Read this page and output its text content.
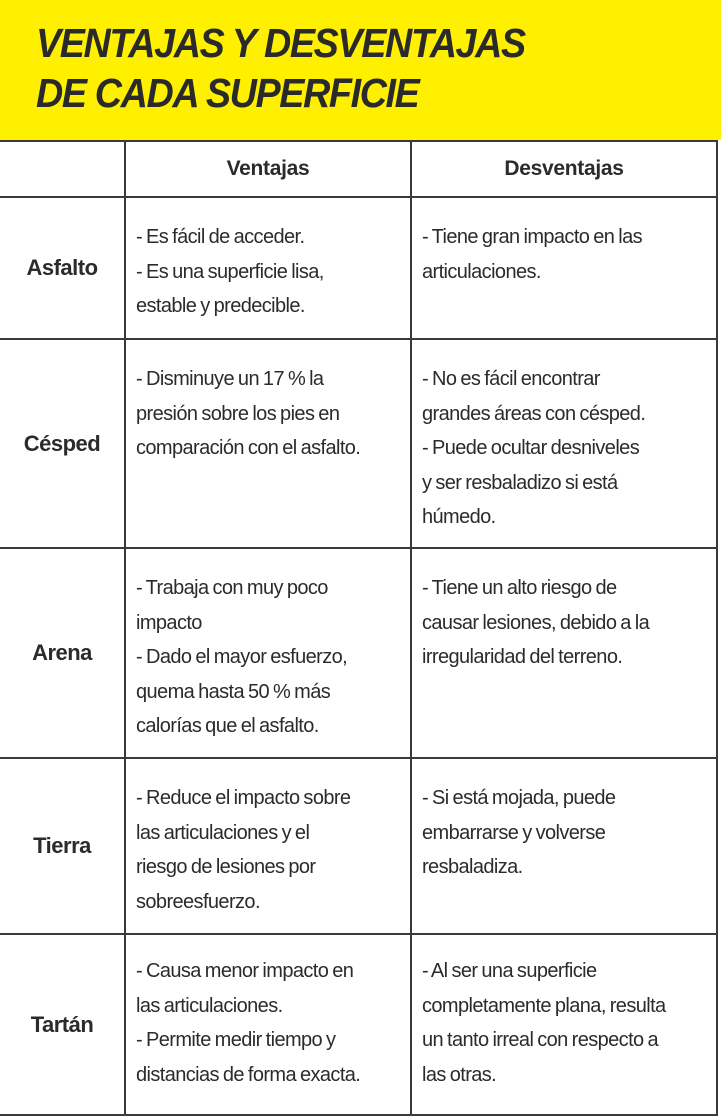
VENTAJAS Y DESVENTAJAS
DE CADA SUPERFICIE
Ventajas	Desventajas
Asfalto
- Es fácil de acceder.
- Es una superficie lisa,
estable y predecible.
- Tiene gran impacto en las
articulaciones.
Césped
- Disminuye un 17 % la
presión sobre los pies en
comparación con el asfalto.
- No es fácil encontrar
grandes áreas con césped.
- Puede ocultar desniveles
y ser resbaladizo si está
húmedo.
Arena
- Trabaja con muy poco
impacto
- Dado el mayor esfuerzo,
quema hasta 50 % más
calorías que el asfalto.
- Tiene un alto riesgo de
causar lesiones, debido a la
irregularidad del terreno.
Tierra
- Reduce el impacto sobre
las articulaciones y el
riesgo de lesiones por
sobreesfuerzo.
- Si está mojada, puede
embarrarse y volverse
resbaladiza.
Tartán
- Causa menor impacto en
las articulaciones.
- Permite medir tiempo y
distancias de forma exacta.
- Al ser una superficie
completamente plana, resulta
un tanto irreal con respecto a
las otras.
